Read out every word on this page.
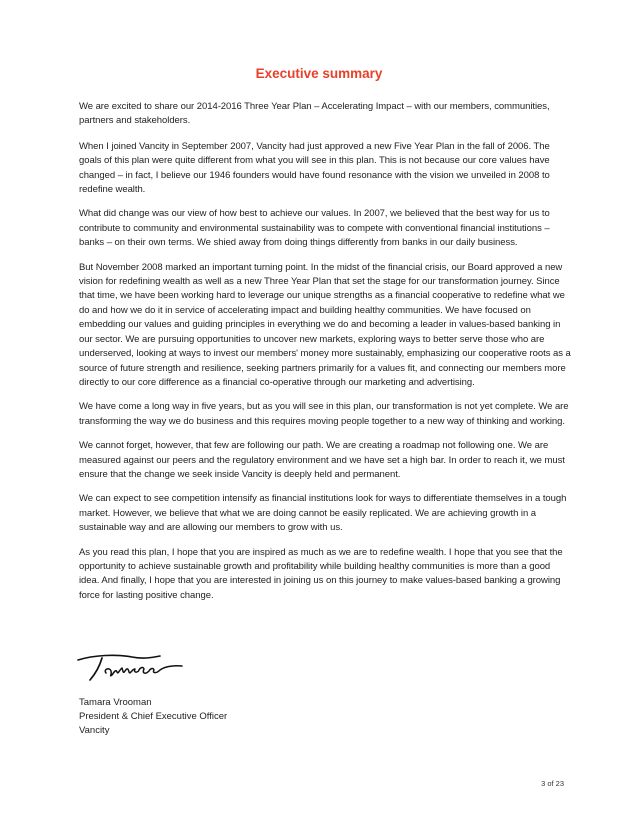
Executive summary

We are excited to share our 2014-2016 Three Year Plan – Accelerating Impact – with our members, communities, partners and stakeholders.

When I joined Vancity in September 2007, Vancity had just approved a new Five Year Plan in the fall of 2006. The goals of this plan were quite different from what you will see in this plan. This is not because our core values have changed – in fact, I believe our 1946 founders would have found resonance with the vision we unveiled in 2008 to redefine wealth.

What did change was our view of how best to achieve our values. In 2007, we believed that the best way for us to contribute to community and environmental sustainability was to compete with conventional financial institutions – banks – on their own terms. We shied away from doing things differently from banks in our daily business.

But November 2008 marked an important turning point. In the midst of the financial crisis, our Board approved a new vision for redefining wealth as well as a new Three Year Plan that set the stage for our transformation journey. Since that time, we have been working hard to leverage our unique strengths as a financial cooperative to redefine what we do and how we do it in service of accelerating impact and building healthy communities. We have focused on embedding our values and guiding principles in everything we do and becoming a leader in values-based banking in our sector. We are pursuing opportunities to uncover new markets, exploring ways to better serve those who are underserved, looking at ways to invest our members' money more sustainably, emphasizing our cooperative roots as a source of future strength and resilience, seeking partners primarily for a values fit, and connecting our members more directly to our core difference as a financial co-operative through our marketing and advertising.

We have come a long way in five years, but as you will see in this plan, our transformation is not yet complete. We are transforming the way we do business and this requires moving people together to a new way of thinking and working.

We cannot forget, however, that few are following our path. We are creating a roadmap not following one. We are measured against our peers and the regulatory environment and we have set a high bar. In order to reach it, we must ensure that the change we seek inside Vancity is deeply held and permanent.

We can expect to see competition intensify as financial institutions look for ways to differentiate themselves in a tough market. However, we believe that what we are doing cannot be easily replicated. We are achieving growth in a sustainable way and are allowing our members to grow with us.

As you read this plan, I hope that you are inspired as much as we are to redefine wealth. I hope that you see that the opportunity to achieve sustainable growth and profitability while building healthy communities is more than a good idea. And finally, I hope that you are interested in joining us on this journey to make values-based banking a growing force for lasting positive change.

Tamara Vrooman
President & Chief Executive Officer
Vancity
3 of 23
